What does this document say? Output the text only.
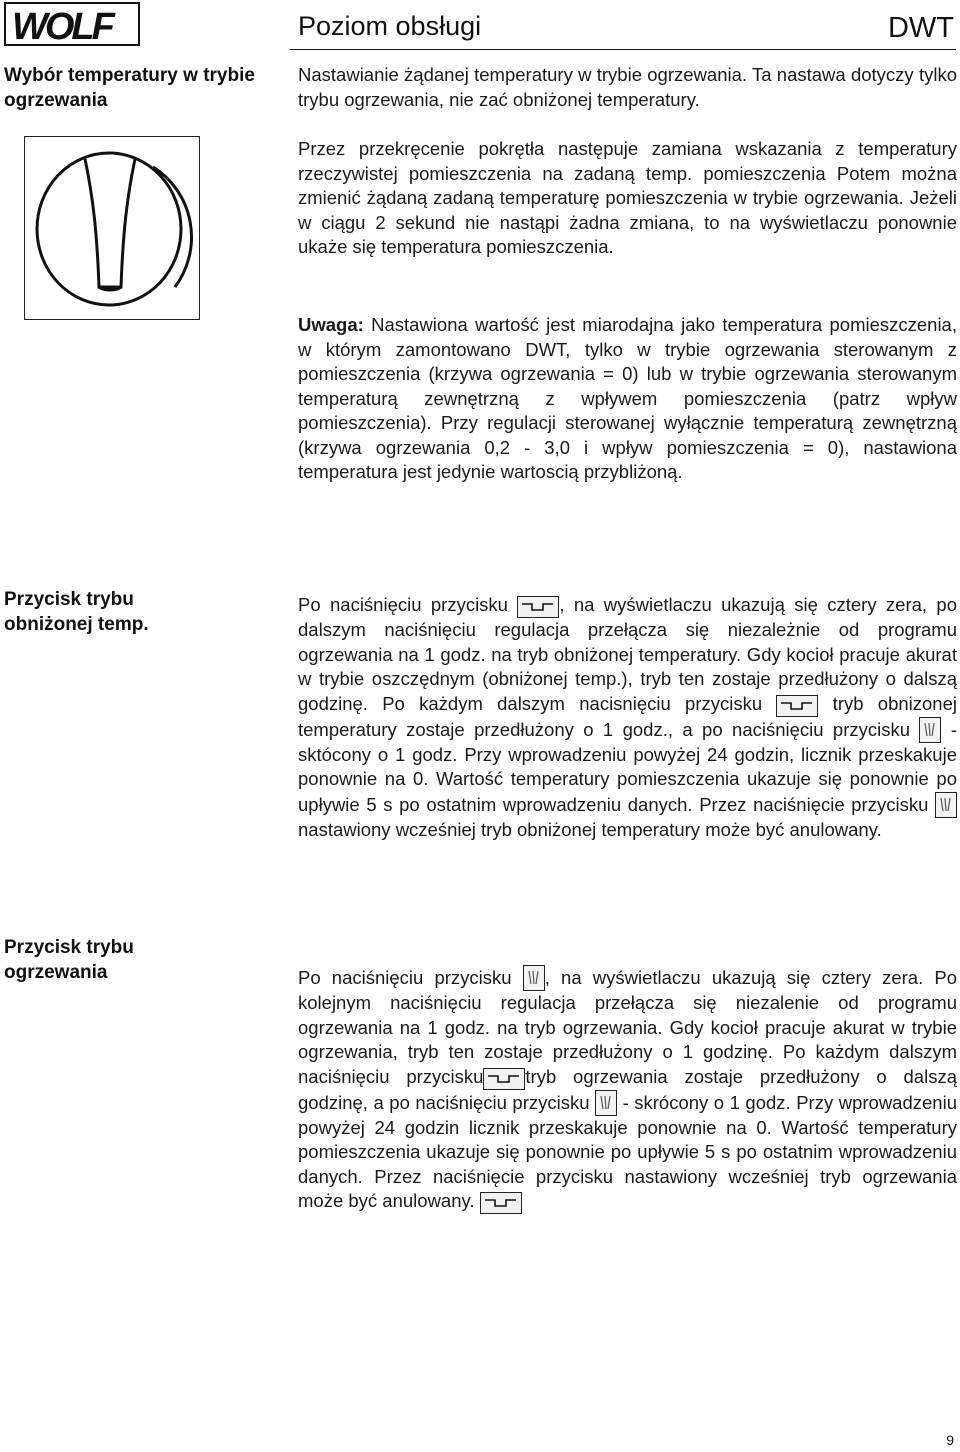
WOLF	Poziom obsługi	DWT
Wybór temperatury w trybie ogrzewania
Nastawianie żądanej temperatury w trybie ogrzewania. Ta nastawa dotyczy tylko trybu ogrzewania, nie zać obniżonej temperatury.
Przez przekręcenie pokrętła następuje zamiana wskazania z temperatury rzeczywistej pomieszczenia na zadaną temp. pomieszczenia Potem można zmienić żądaną zadaną temperaturę pomieszczenia w trybie ogrzewania. Jeżeli w ciągu 2 sekund nie nastąpi żadna zmiana, to na wyświetlaczu ponownie ukaże się temperatura pomieszczenia.
Uwaga: Nastawiona wartość jest miarodajna jako temperatura pomieszczenia, w którym zamontowano DWT, tylko w trybie ogrzewania sterowanym z pomieszczenia (krzywa ogrzewania = 0) lub w trybie ogrzewania sterowanym temperaturą zewnętrzną z wpływem pomieszczenia (patrz wpływ pomieszczenia). Przy regulacji sterowanej wyłącznie temperaturą zewnętrzną (krzywa ogrzewania 0,2 - 3,0 i wpływ pomieszczenia = 0), nastawiona temperatura jest jedynie wartoscią przybliżoną.
Przycisk trybu obniżonej temp.
Po naciśnięciu przycisku , na wyświetlaczu ukazują się cztery zera, po dalszym naciśnięciu regulacja przełącza się niezależnie od programu ogrzewania na 1 godz. na tryb obniżonej temperatury. Gdy kocioł pracuje akurat w trybie oszczędnym (obniżonej temp.), tryb ten zostaje przedłużony o dalszą godzinę. Po każdym dalszym nacisnięciu przycisku  tryb obnizonej temperatury zostaje przedłużony o 1 godz., a po naciśnięciu przycisku  - sktócony o 1 godz. Przy wprowadzeniu powyżej 24 godzin, licznik przeskakuje ponownie na 0. Wartość temperatury pomieszczenia ukazuje się ponownie po upływie 5 s po ostatnim wprowadzeniu danych. Przez naciśnięcie przycisku  nastawiony wcześniej tryb obniżonej temperatury może być anulowany.
Przycisk trybu ogrzewania	Po naciśnięciu przycisku , na wyświetlaczu ukazują się cztery zera. Po kolejnym naciśnięciu regulacja przełącza się niezalenie od programu ogrzewania na 1 godz. na tryb ogrzewania. Gdy kocioł pracuje akurat w trybie ogrzewania, tryb ten zostaje przedłużony o 1 godzinę. Po każdym dalszym naciśnięciu przycisku tryb ogrzewania zostaje przedłużony o dalszą godzinę, a po naciśnięciu przycisku  - skrócony o 1 godz. Przy wprowadzeniu powyżej 24 godzin licznik przeskakuje ponownie na 0. Wartość temperatury pomieszczenia ukazuje się ponownie po upływie 5 s po ostatnim wprowadzeniu danych. Przez naciśnięcie przycisku nastawiony wcześniej tryb ogrzewania może być anulowany.
9
